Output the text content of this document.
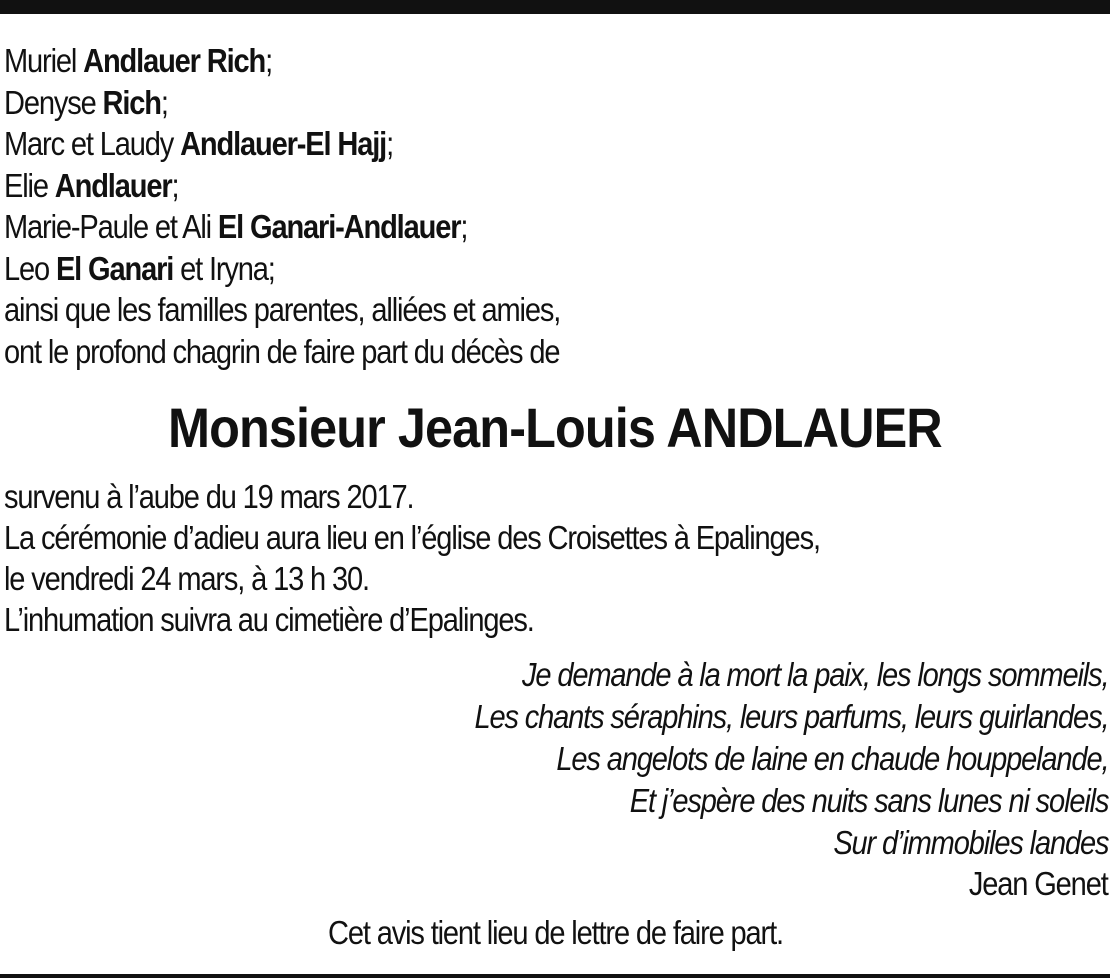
Muriel Andlauer Rich;
Denyse Rich;
Marc et Laudy Andlauer-El Hajj;
Elie Andlauer;
Marie-Paule et Ali El Ganari-Andlauer;
Leo El Ganari et Iryna;
ainsi que les familles parentes, alliées et amies,
ont le profond chagrin de faire part du décès de
Monsieur Jean-Louis ANDLAUER
survenu à l’aube du 19 mars 2017.
La cérémonie d’adieu aura lieu en l’église des Croisettes à Epalinges,
le vendredi 24 mars, à 13 h 30.
L’inhumation suivra au cimetière d’Epalinges.
Je demande à la mort la paix, les longs sommeils,
Les chants séraphins, leurs parfums, leurs guirlandes,
Les angelots de laine en chaude houppelande,
Et j’espère des nuits sans lunes ni soleils
Sur d’immobiles landes
Jean Genet
Cet avis tient lieu de lettre de faire part.
